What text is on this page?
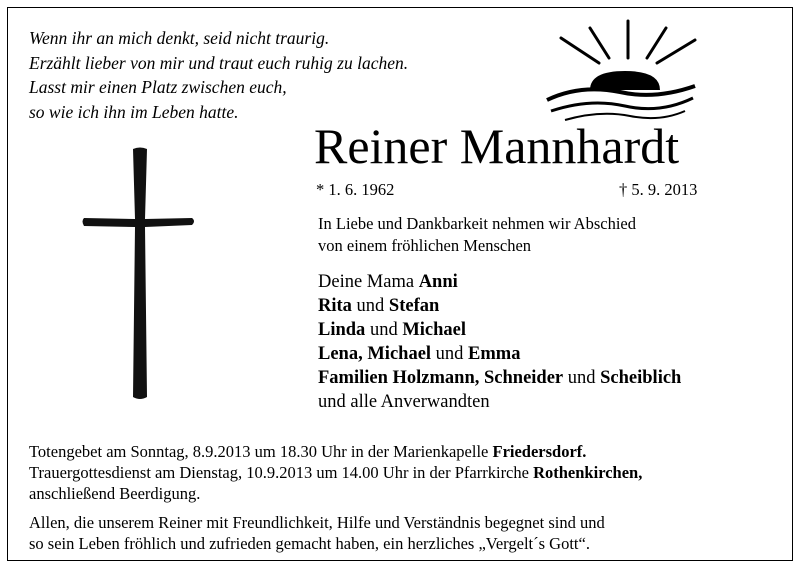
Wenn ihr an mich denkt, seid nicht traurig.
Erzählt lieber von mir und traut euch ruhig zu lachen.
Lasst mir einen Platz zwischen euch,
so wie ich ihn im Leben hatte.
Reiner Mannhardt
* 1. 6. 1962	† 5. 9. 2013
In Liebe und Dankbarkeit nehmen wir Abschied
von einem fröhlichen Menschen
Deine Mama Anni
Rita und Stefan
Linda und Michael
Lena, Michael und Emma
Familien Holzmann, Schneider und Scheiblich
und alle Anverwandten
Totengebet am Sonntag, 8.9.2013 um 18.30 Uhr in der Marienkapelle Friedersdorf.
Trauergottesdienst am Dienstag, 10.9.2013 um 14.00 Uhr in der Pfarrkirche Rothenkirchen,
anschließend Beerdigung.
Allen, die unserem Reiner mit Freundlichkeit, Hilfe und Verständnis begegnet sind und
so sein Leben fröhlich und zufrieden gemacht haben, ein herzliches „Vergelt´s Gott“.
